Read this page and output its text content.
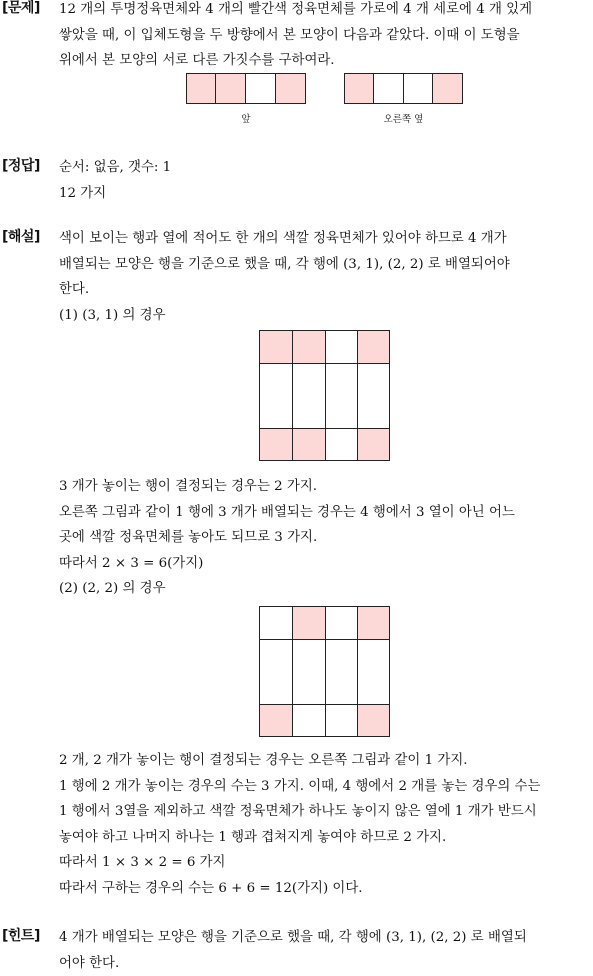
[문제] 12 개의 투명정육면체와 4 개의 빨간색 정육면체를 가로에 4 개 세로에 4 개 있게
쌓았을 때, 이 입체도형을 두 방향에서 본 모양이 다음과 같았다. 이때 이 도형을
위에서 본 모양의 서로 다른 가짓수를 구하여라.
앞	오른쪽 옆
[정답] 순서: 없음, 갯수: 1
12 가지
[해설] 색이 보이는 행과 열에 적어도 한 개의 색깔 정육면체가 있어야 하므로 4 개가
배열되는 모양은 행을 기준으로 했을 때, 각 행에 (3, 1), (2, 2) 로 배열되어야
한다.
(1) (3, 1) 의 경우
3 개가 놓이는 행이 결정되는 경우는 2 가지.
오른쪽 그림과 같이 1 행에 3 개가 배열되는 경우는 4 행에서 3 열이 아닌 어느
곳에 색깔 정육면체를 놓아도 되므로 3 가지.
따라서 2 × 3 = 6(가지)
(2) (2, 2) 의 경우
2 개, 2 개가 놓이는 행이 결정되는 경우는 오른쪽 그림과 같이 1 가지.
1 행에 2 개가 놓이는 경우의 수는 3 가지. 이때, 4 행에서 2 개를 놓는 경우의 수는
1 행에서 3열을 제외하고 색깔 정육면체가 하나도 놓이지 않은 열에 1 개가 반드시
놓여야 하고 나머지 하나는 1 행과 겹쳐지게 놓여야 하므로 2 가지.
따라서 1 × 3 × 2 = 6 가지
따라서 구하는 경우의 수는 6 + 6 = 12(가지) 이다.
[힌트] 4 개가 배열되는 모양은 행을 기준으로 했을 때, 각 행에 (3, 1), (2, 2) 로 배열되
어야 한다.
